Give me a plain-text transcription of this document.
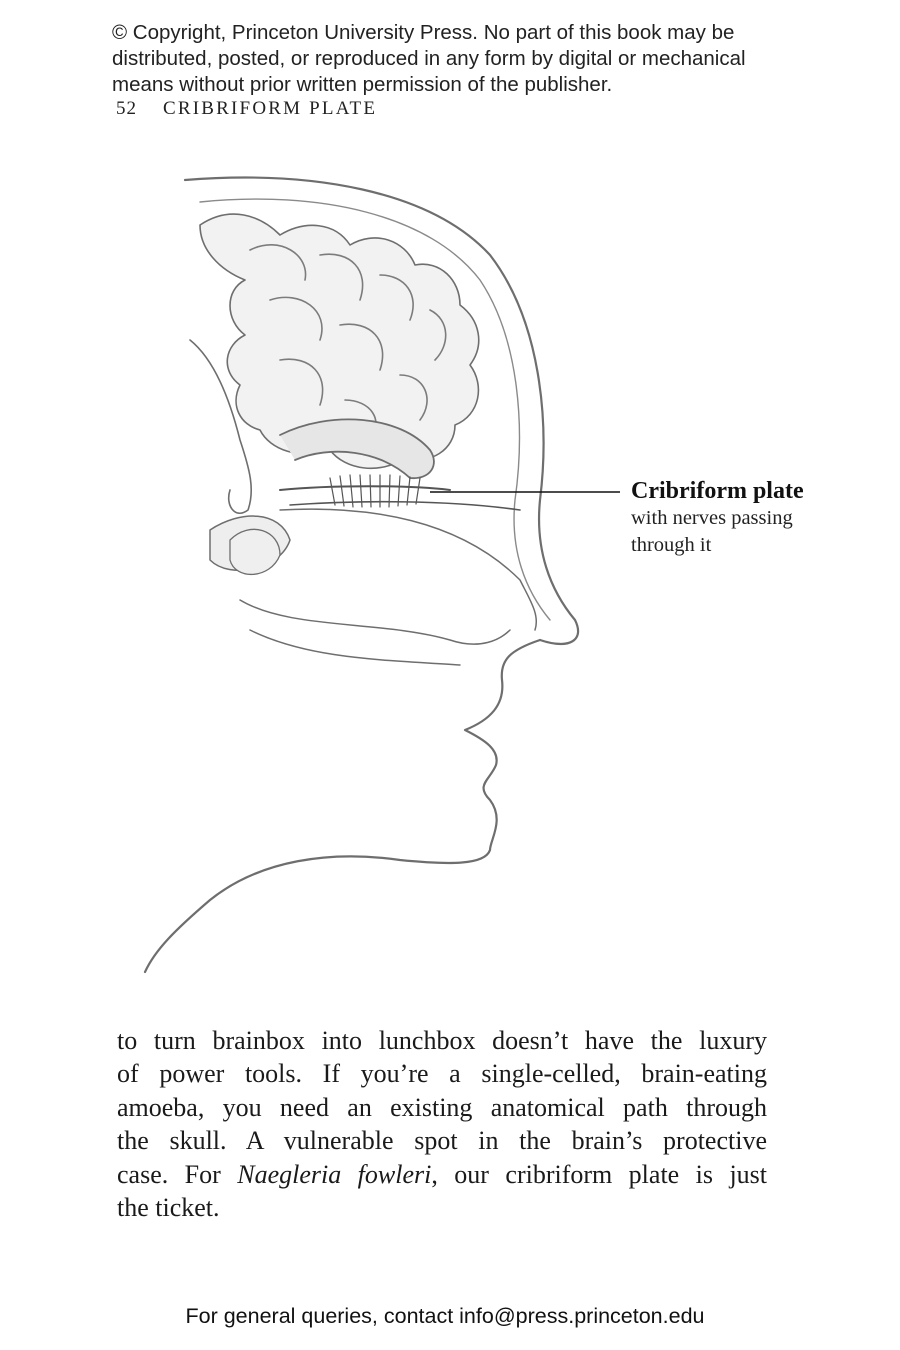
© Copyright, Princeton University Press. No part of this book may be distributed, posted, or reproduced in any form by digital or mechanical means without prior written permission of the publisher.
52 CRIBRIFORM PLATE
Cribriform plate
with nerves passing through it
to turn brainbox into lunchbox doesn’t have the luxury
of power tools. If you’re a single-celled, brain-eating
amoeba, you need an existing anatomical path through
the skull. A vulnerable spot in the brain’s protective
case. For Naegleria fowleri, our cribriform plate is just
the ticket.
For general queries, contact info@press.princeton.edu
